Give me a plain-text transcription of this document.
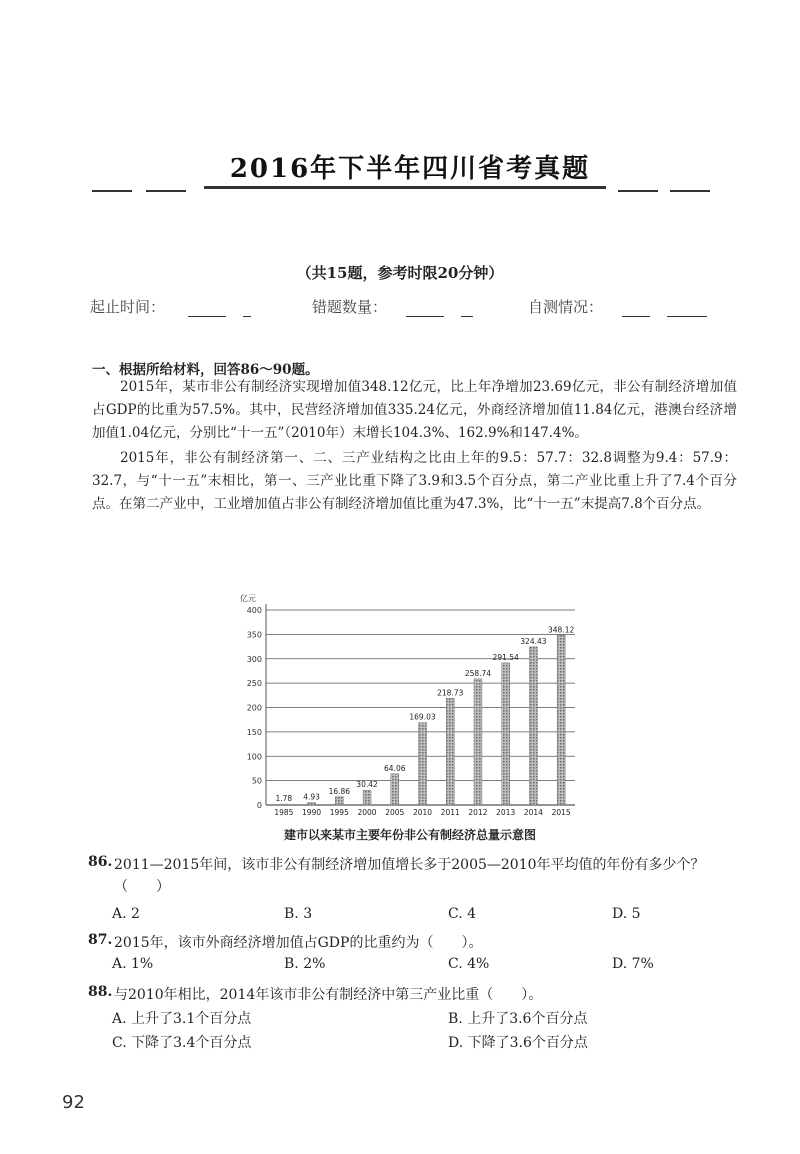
2016年下半年四川省考真题
（共15题，参考时限20分钟）
起止时间：	错题数量：	自测情况：
一、根据所给材料，回答86～90题。

2015年，某市非公有制经济实现增加值348.12亿元，比上年净增加23.69亿元，非公有制经济增加值占GDP的比重为57.5%。其中，民营经济增加值335.24亿元，外商经济增加值11.84亿元，港澳台经济增加值1.04亿元，分别比“十一五”（2010年）末增长104.3%、162.9%和147.4%。

2015年，非公有制经济第一、二、三产业结构之比由上年的9.5：57.7：32.8调整为9.4：57.9：32.7，与“十一五”末相比，第一、三产业比重下降了3.9和3.5个百分点，第二产业比重上升了7.4个百分点。在第二产业中，工业增加值占非公有制经济增加值比重为47.3%，比“十一五”末提高7.8个百分点。

亿元
0
50
100
150
200
250
300
350
400
1.78
1985
4.93
1990
16.86
1995
30.42
2000
64.06
2005
169.03
2010
218.73
2011
258.74
2012
291.54
2013
324.43
2014
348.12
2015
建市以来某市主要年份非公有制经济总量示意图
86. 2011—2015年间，该市非公有制经济增加值增长多于2005—2010年平均值的年份有多少个？（　　）
A. 2	B. 3	C. 4	D. 5
87. 2015年，该市外商经济增加值占GDP的比重约为（　　）。
A. 1%	B. 2%	C. 4%	D. 7%
88. 与2010年相比，2014年该市非公有制经济中第三产业比重（　　）。
A. 上升了3.1个百分点	B. 上升了3.6个百分点
C. 下降了3.4个百分点	D. 下降了3.6个百分点
92
